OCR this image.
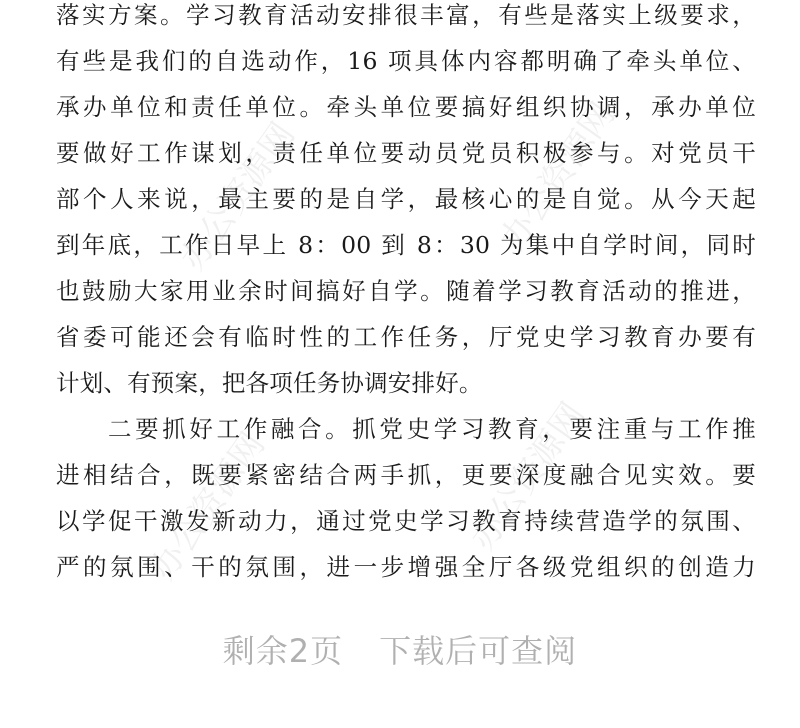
办公资源网	办公资源网
办公资源网	办公资源网
落实方案。学习教育活动安排很丰富，有些是落实上级要求，
有些是我们的自选动作，16 项具体内容都明确了牵头单位、
承办单位和责任单位。牵头单位要搞好组织协调，承办单位
要做好工作谋划，责任单位要动员党员积极参与。对党员干
部个人来说，最主要的是自学，最核心的是自觉。从今天起
到年底，工作日早上 8：00 到 8：30 为集中自学时间，同时
也鼓励大家用业余时间搞好自学。随着学习教育活动的推进，
省委可能还会有临时性的工作任务，厅党史学习教育办要有
计划、有预案，把各项任务协调安排好。
二要抓好工作融合。抓党史学习教育，要注重与工作推
进相结合，既要紧密结合两手抓，更要深度融合见实效。要
以学促干激发新动力，通过党史学习教育持续营造学的氛围、
严的氛围、干的氛围，进一步增强全厅各级党组织的创造力
剩余2页 下载后可查阅
